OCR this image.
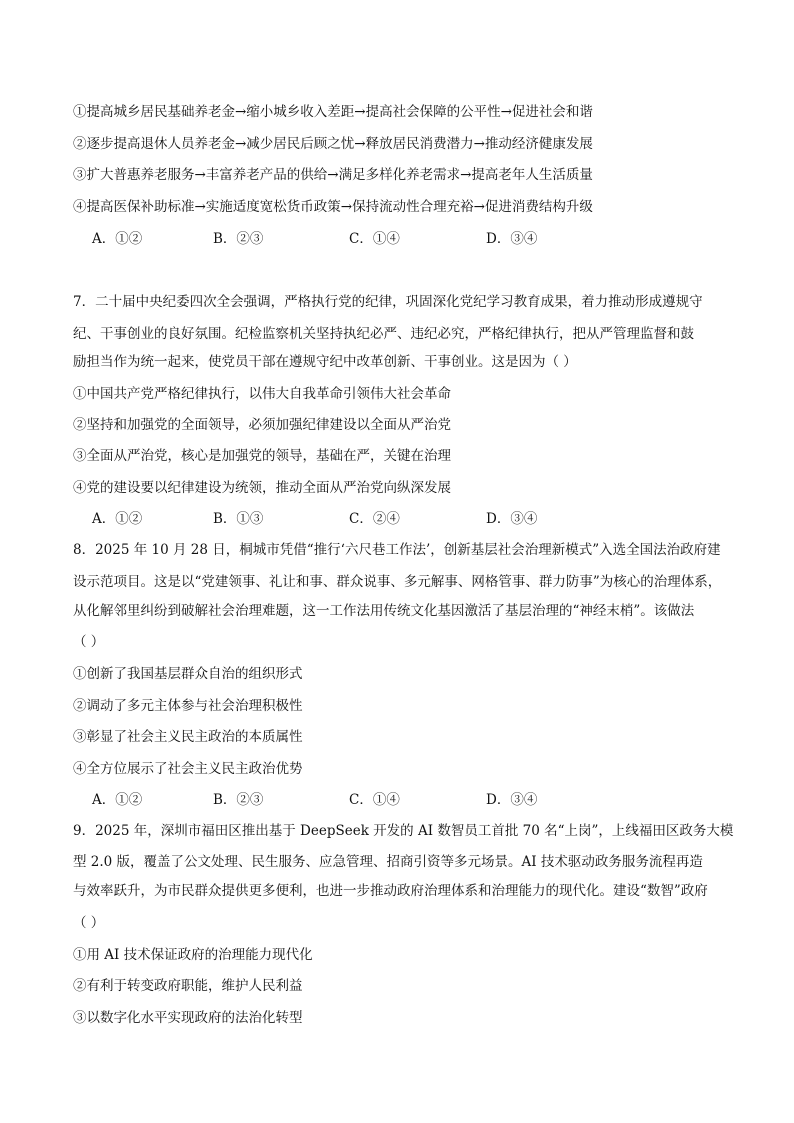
①提高城乡居民基础养老金→缩小城乡收入差距→提高社会保障的公平性→促进社会和谐
②逐步提高退休人员养老金→减少居民后顾之忧→释放居民消费潜力→推动经济健康发展
③扩大普惠养老服务→丰富养老产品的供给→满足多样化养老需求→提高老年人生活质量
④提高医保补助标准→实施适度宽松货币政策→保持流动性合理充裕→促进消费结构升级
A．①②	B．②③	C．①④	D．③④
7．二十届中央纪委四次全会强调，严格执行党的纪律，巩固深化党纪学习教育成果，着力推动形成遵规守
纪、干事创业的良好氛围。纪检监察机关坚持执纪必严、违纪必究，严格纪律执行，把从严管理监督和鼓
励担当作为统一起来，使党员干部在遵规守纪中改革创新、干事创业。这是因为（ ）
①中国共产党严格纪律执行，以伟大自我革命引领伟大社会革命
②坚持和加强党的全面领导，必须加强纪律建设以全面从严治党
③全面从严治党，核心是加强党的领导，基础在严，关键在治理
④党的建设要以纪律建设为统领，推动全面从严治党向纵深发展
A．①②	B．①③	C．②④	D．③④
8．2025 年 10 月 28 日，桐城市凭借“推行‘六尺巷工作法’，创新基层社会治理新模式”入选全国法治政府建
设示范项目。这是以“党建领事、礼让和事、群众说事、多元解事、网格管事、群力防事”为核心的治理体系，
从化解邻里纠纷到破解社会治理难题，这一工作法用传统文化基因激活了基层治理的“神经末梢”。该做法
（ ）
①创新了我国基层群众自治的组织形式
②调动了多元主体参与社会治理积极性
③彰显了社会主义民主政治的本质属性
④全方位展示了社会主义民主政治优势
A．①②	B．②③	C．①④	D．③④
9．2025 年，深圳市福田区推出基于 DeepSeek 开发的 AI 数智员工首批 70 名“上岗”，上线福田区政务大模
型 2.0 版，覆盖了公文处理、民生服务、应急管理、招商引资等多元场景。AI 技术驱动政务服务流程再造
与效率跃升，为市民群众提供更多便利，也进一步推动政府治理体系和治理能力的现代化。建设“数智”政府
（ ）
①用 AI 技术保证政府的治理能力现代化
②有利于转变政府职能，维护人民利益
③以数字化水平实现政府的法治化转型
